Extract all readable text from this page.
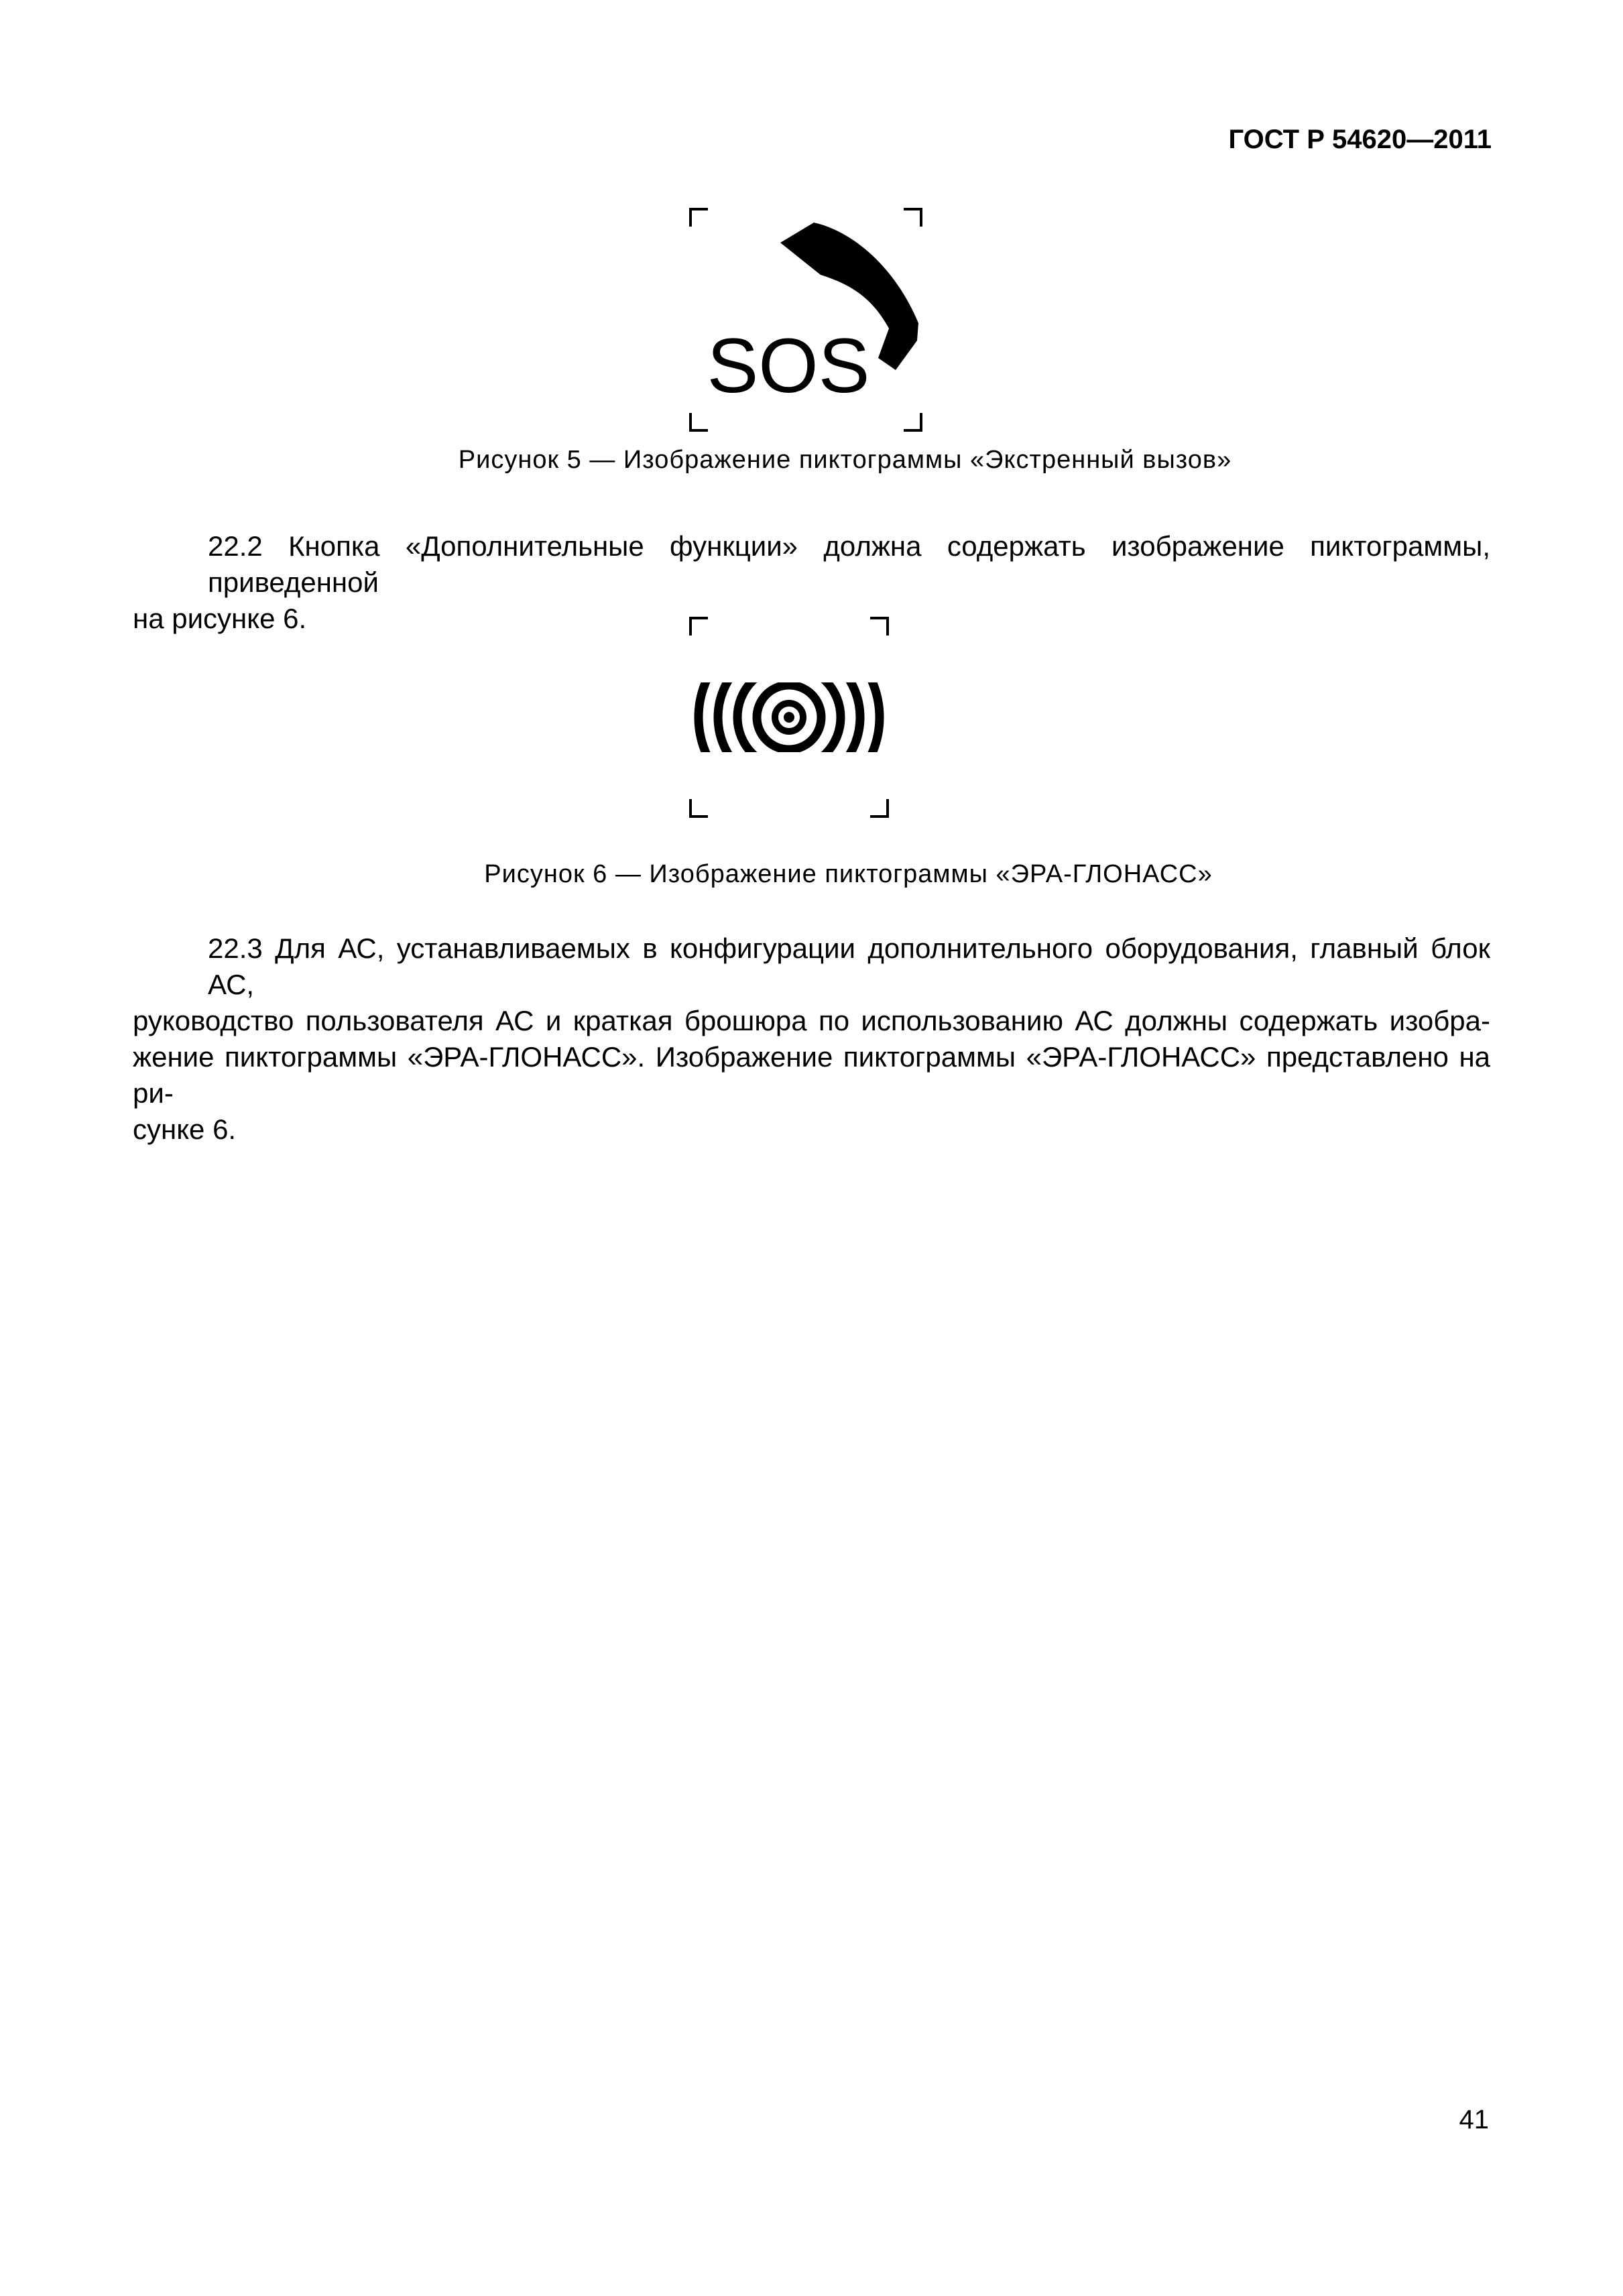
ГОСТ Р 54620—2011
SOS
Рисунок 5 — Изображение пиктограммы «Экстренный вызов»
22.2 Кнопка «Дополнительные функции» должна содержать изображение пиктограммы, приведенной
на рисунке 6.
Рисунок 6 — Изображение пиктограммы «ЭРА-ГЛОНАСС»
22.3 Для АС, устанавливаемых в конфигурации дополнительного оборудования, главный блок АС,
руководство пользователя АС и краткая брошюра по использованию АС должны содержать изобра-
жение пиктограммы «ЭРА-ГЛОНАСС». Изображение пиктограммы «ЭРА-ГЛОНАСС» представлено на ри-
сунке 6.
41
